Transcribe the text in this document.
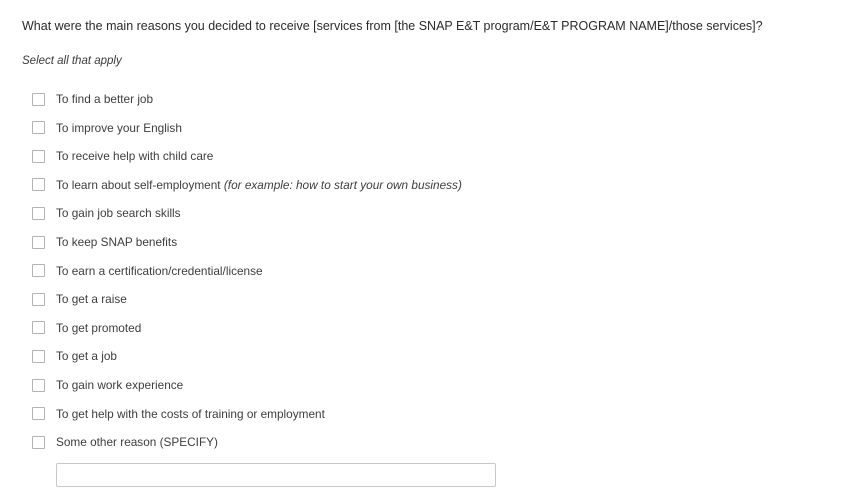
What were the main reasons you decided to receive [services from [the SNAP E&T program/E&T PROGRAM NAME]/those services]?
Select all that apply
To find a better job
To improve your English
To receive help with child care
To learn about self-employment (for example: how to start your own business)
To gain job search skills
To keep SNAP benefits
To earn a certification/credential/license
To get a raise
To get promoted
To get a job
To gain work experience
To get help with the costs of training or employment
Some other reason (SPECIFY)
